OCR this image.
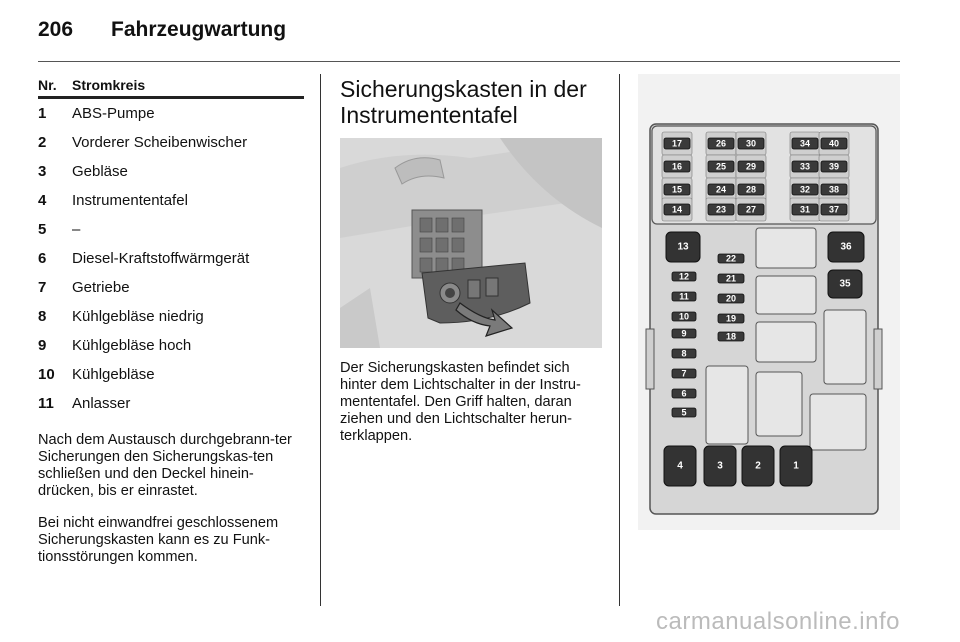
206 Fahrzeugwartung
Nr.	Stromkreis
1	ABS-Pumpe
2	Vorderer Scheibenwischer
3	Gebläse
4	Instrumententafel
5	–
6	Diesel-Kraftstoffwärmgerät
7	Getriebe
8	Kühlgebläse niedrig
9	Kühlgebläse hoch
10	Kühlgebläse
11	Anlasser

Nach dem Austausch durchgebrann-ter Sicherungen den Sicherungskas-ten schließen und den Deckel hinein-drücken, bis er einrastet.

Bei nicht einwandfrei geschlossenem Sicherungskasten kann es zu Funk-tionsstörungen kommen.

Sicherungskasten in der Instrumententafel

Der Sicherungskasten befindet sich hinter dem Lichtschalter in der Instru-mententafel. Den Griff halten, daran ziehen und den Lichtschalter herun-terklappen.

17
16
15
14
26
25
24
23
30
29
28
27
34
33
32
31
40
39
38
37
13	36
35
12
11
10
9
8
7
6
5
22
21
20
19
18
4	3	2	1
carmanualsonline.info
